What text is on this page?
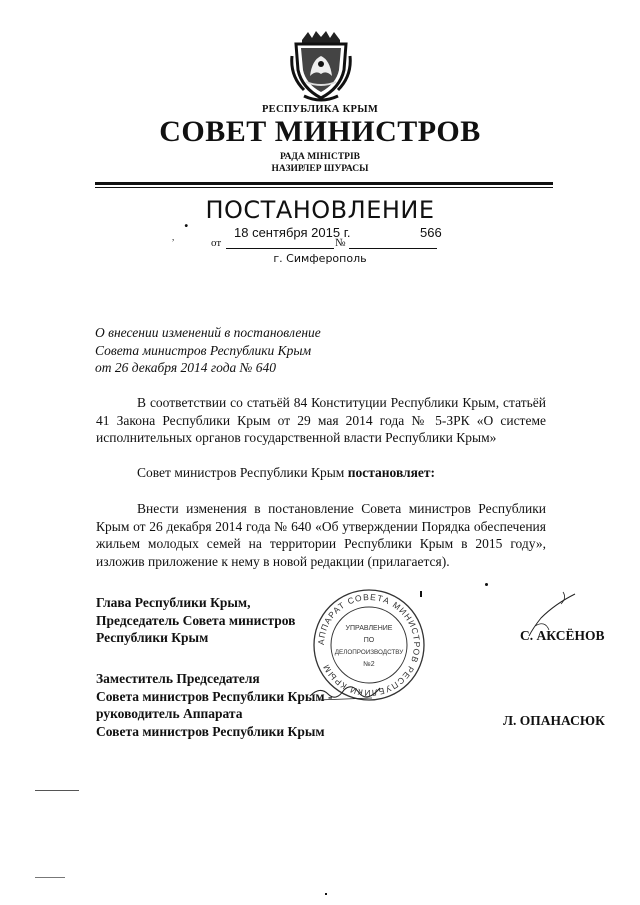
РЕСПУБЛИКА КРЫМ
СОВЕТ МИНИСТРОВ
РАДА МІНІСТРІВ
НАЗИРЛЕР ШУРАСЫ
. ПОСТАНОВЛЕНИЕ
,	18 сентября 2015 г.	566
от	№
г. Симферополь
О внесении изменений в постановление
Совета министров Республики Крым
от 26 декабря 2014 года № 640
В соответствии со статьёй 84 Конституции Республики Крым, статьёй 41 Закона Республики Крым от 29 мая 2014 года № 5-ЗРК «О системе исполнительных органов государственной власти Республики Крым»
Совет министров Республики Крым постановляет:
Внести изменения в постановление Совета министров Республики Крым от 26 декабря 2014 года № 640 «Об утверждении Порядка обеспечения жильем молодых семей на территории Республики Крым в 2015 году», изложив приложение к нему в новой редакции (прилагается).
Глава Республики Крым,
Председатель Совета министров
Республики Крым	С. АКСЁНОВ
Заместитель Председателя
Совета министров Республики Крым -
руководитель Аппарата
Совета министров Республики Крым
Л. ОПАНАСЮК
АППАРАТ СОВЕТА МИНИСТРОВ РЕСПУБЛИКИ КРЫМ
УПРАВЛЕНИЕ
ПО
ДЕЛОПРОИЗВОДСТВУ
№2
